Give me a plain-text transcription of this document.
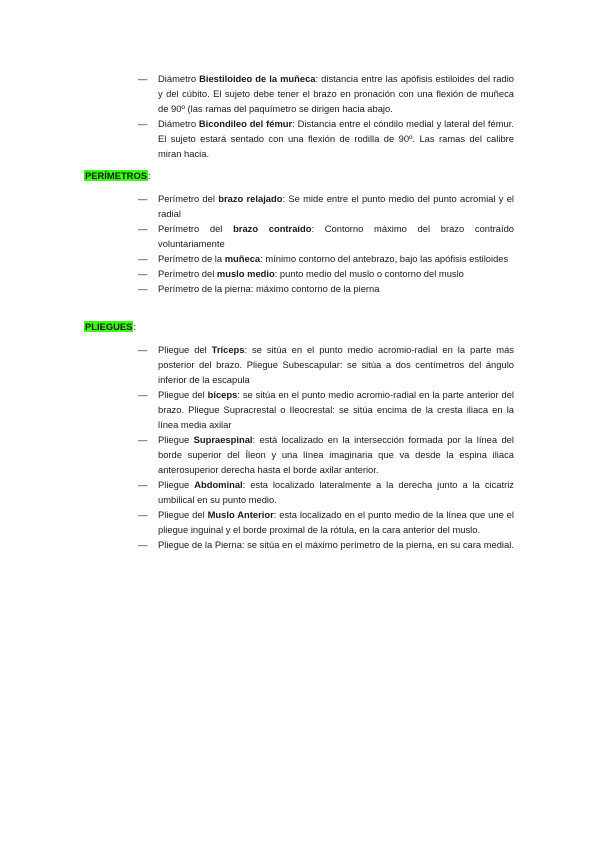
—	Diámetro Biestiloideo de la muñeca: distancia entre las apófisis estiloides del radio y del cúbito. El sujeto debe tener el brazo en pronación con una flexión de muñeca de 90º (las ramas del paquímetro se dirigen hacia abajo.
—	Diámetro Bicondileo del fémur: Distancia entre el cóndilo medial y lateral del fémur. El sujeto estará sentado con una flexión de rodilla de 90º. Las ramas del calibre miran hacia.
PERÍMETROS:
—	Perímetro del brazo relajado: Se mide entre el punto medio del punto acromial y el radial
—	Perímetro del brazo contraído: Contorno máximo del brazo contraído voluntariamente
—	Perímetro de la muñeca: mínimo contorno del antebrazo, bajo las apófisis estiloides
—	Perímetro del muslo medio: punto medio del muslo o contorno del muslo
—	Perímetro de la pierna: máximo contorno de la pierna
PLIEGUES:
—	Pliegue del Tríceps: se sitúa en el punto medio acromio-radial en la parte más posterior del brazo. Pliegue Subescapular: se sitúa a dos centímetros del ángulo inferior de la escapula
—	Pliegue del bíceps: se sitúa en el punto medio acromio-radial en la parte anterior del brazo. Pliegue Supracrestal o Ileocrestal: se sitúa encima de la cresta iliaca en la línea media axilar
—	Pliegue Supraespinal: está localizado en la intersección formada por la línea del borde superior del Íleon y una línea imaginaria que va desde la espina iliaca anterosuperior derecha hasta el borde axilar anterior.
—	Pliegue Abdominal: esta localizado lateralmente a la derecha junto a la cicatriz umbilical en su punto medio.
—	Pliegue del Muslo Anterior: esta localizado en el punto medio de la línea que une el pliegue inguinal y el borde proximal de la rótula, en la cara anterior del muslo.
—	Pliegue de la Pierna: se sitúa en el máximo perímetro de la pierna, en su cara medial.
